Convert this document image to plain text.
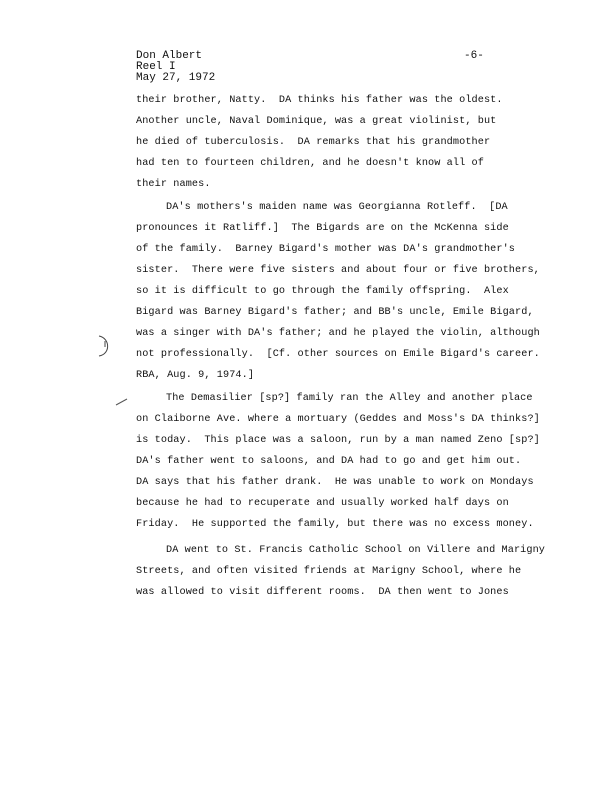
Don Albert
Reel I
May 27, 1972
-6-
their brother, Natty.  DA thinks his father was the oldest.
Another uncle, Naval Dominique, was a great violinist, but
he died of tuberculosis.  DA remarks that his grandmother
had ten to fourteen children, and he doesn't know all of
their names.
DA's mothers's maiden name was Georgianna Rotleff.  [DA
pronounces it Ratliff.]  The Bigards are on the McKenna side
of the family.  Barney Bigard's mother was DA's grandmother's
sister.  There were five sisters and about four or five brothers,
so it is difficult to go through the family offspring.  Alex
Bigard was Barney Bigard's father; and BB's uncle, Emile Bigard,
was a singer with DA's father; and he played the violin, although
not professionally.  [Cf. other sources on Emile Bigard's career.
RBA, Aug. 9, 1974.]
The Demasilier [sp?] family ran the Alley and another place
on Claiborne Ave. where a mortuary (Geddes and Moss's DA thinks?]
is today.  This place was a saloon, run by a man named Zeno [sp?]
DA's father went to saloons, and DA had to go and get him out.
DA says that his father drank.  He was unable to work on Mondays
because he had to recuperate and usually worked half days on
Friday.  He supported the family, but there was no excess money.
DA went to St. Francis Catholic School on Villere and Marigny
Streets, and often visited friends at Marigny School, where he
was allowed to visit different rooms.  DA then went to Jones
